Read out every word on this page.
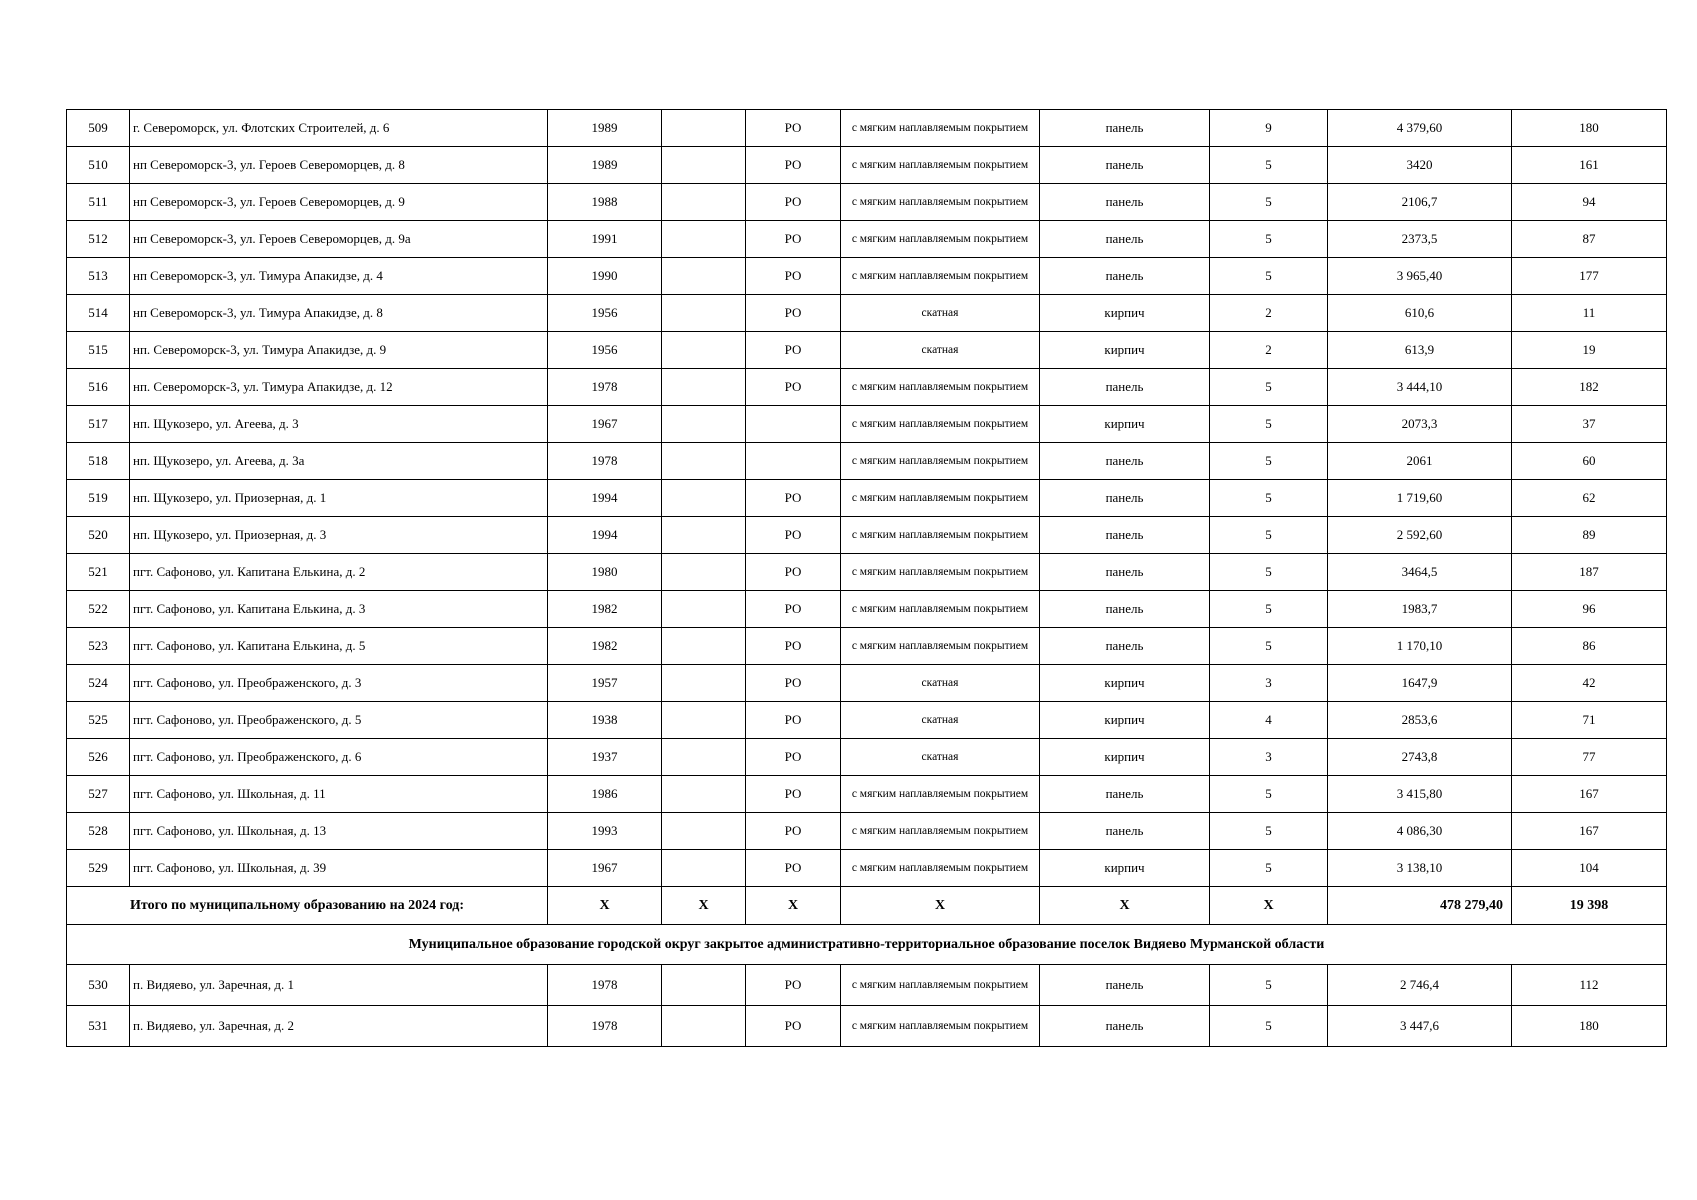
509	г. Североморск, ул. Флотских Строителей, д. 6	1989		РО	с мягким наплавляемым покрытием	панель	9	4 379,60	180
510	нп Североморск-3, ул. Героев Североморцев, д. 8	1989		РО	с мягким наплавляемым покрытием	панель	5	3420	161
511	нп Североморск-3, ул. Героев Североморцев, д. 9	1988		РО	с мягким наплавляемым покрытием	панель	5	2106,7	94
512	нп Североморск-3, ул. Героев Североморцев, д. 9а	1991		РО	с мягким наплавляемым покрытием	панель	5	2373,5	87
513	нп Североморск-3, ул. Тимура Апакидзе, д. 4	1990		РО	с мягким наплавляемым покрытием	панель	5	3 965,40	177
514	нп Североморск-3, ул. Тимура Апакидзе, д. 8	1956		РО	скатная	кирпич	2	610,6	11
515	нп. Североморск-3, ул. Тимура Апакидзе, д. 9	1956		РО	скатная	кирпич	2	613,9	19
516	нп. Североморск-3, ул. Тимура Апакидзе, д. 12	1978		РО	с мягким наплавляемым покрытием	панель	5	3 444,10	182
517	нп. Щукозеро, ул. Агеева, д. 3	1967			с мягким наплавляемым покрытием	кирпич	5	2073,3	37
518	нп. Щукозеро, ул. Агеева, д. 3а	1978			с мягким наплавляемым покрытием	панель	5	2061	60
519	нп. Щукозеро, ул. Приозерная, д. 1	1994		РО	с мягким наплавляемым покрытием	панель	5	1 719,60	62
520	нп. Щукозеро, ул. Приозерная, д. 3	1994		РО	с мягким наплавляемым покрытием	панель	5	2 592,60	89
521	пгт. Сафоново, ул. Капитана Елькина, д. 2	1980		РО	с мягким наплавляемым покрытием	панель	5	3464,5	187
522	пгт. Сафоново, ул. Капитана Елькина, д. 3	1982		РО	с мягким наплавляемым покрытием	панель	5	1983,7	96
523	пгт. Сафоново, ул. Капитана Елькина, д. 5	1982		РО	с мягким наплавляемым покрытием	панель	5	1 170,10	86
524	пгт. Сафоново, ул. Преображенского, д. 3	1957		РО	скатная	кирпич	3	1647,9	42
525	пгт. Сафоново, ул. Преображенского, д. 5	1938		РО	скатная	кирпич	4	2853,6	71
526	пгт. Сафоново, ул. Преображенского, д. 6	1937		РО	скатная	кирпич	3	2743,8	77
527	пгт. Сафоново, ул. Школьная, д. 11	1986		РО	с мягким наплавляемым покрытием	панель	5	3 415,80	167
528	пгт. Сафоново, ул. Школьная, д. 13	1993		РО	с мягким наплавляемым покрытием	панель	5	4 086,30	167
529	пгт. Сафоново, ул. Школьная, д. 39	1967		РО	с мягким наплавляемым покрытием	кирпич	5	3 138,10	104
Итого по муниципальному образованию на 2024 год:		X	X	X	X	X	X	478 279,40	19 398
Муниципальное образование городской округ закрытое административно-территориальное образование поселок Видяево Мурманской области									
530	п. Видяево, ул. Заречная, д. 1	1978		РО	с мягким наплавляемым покрытием	панель	5	2 746,4	112
531	п. Видяево, ул. Заречная, д. 2	1978		РО	с мягким наплавляемым покрытием	панель	5	3 447,6	180
